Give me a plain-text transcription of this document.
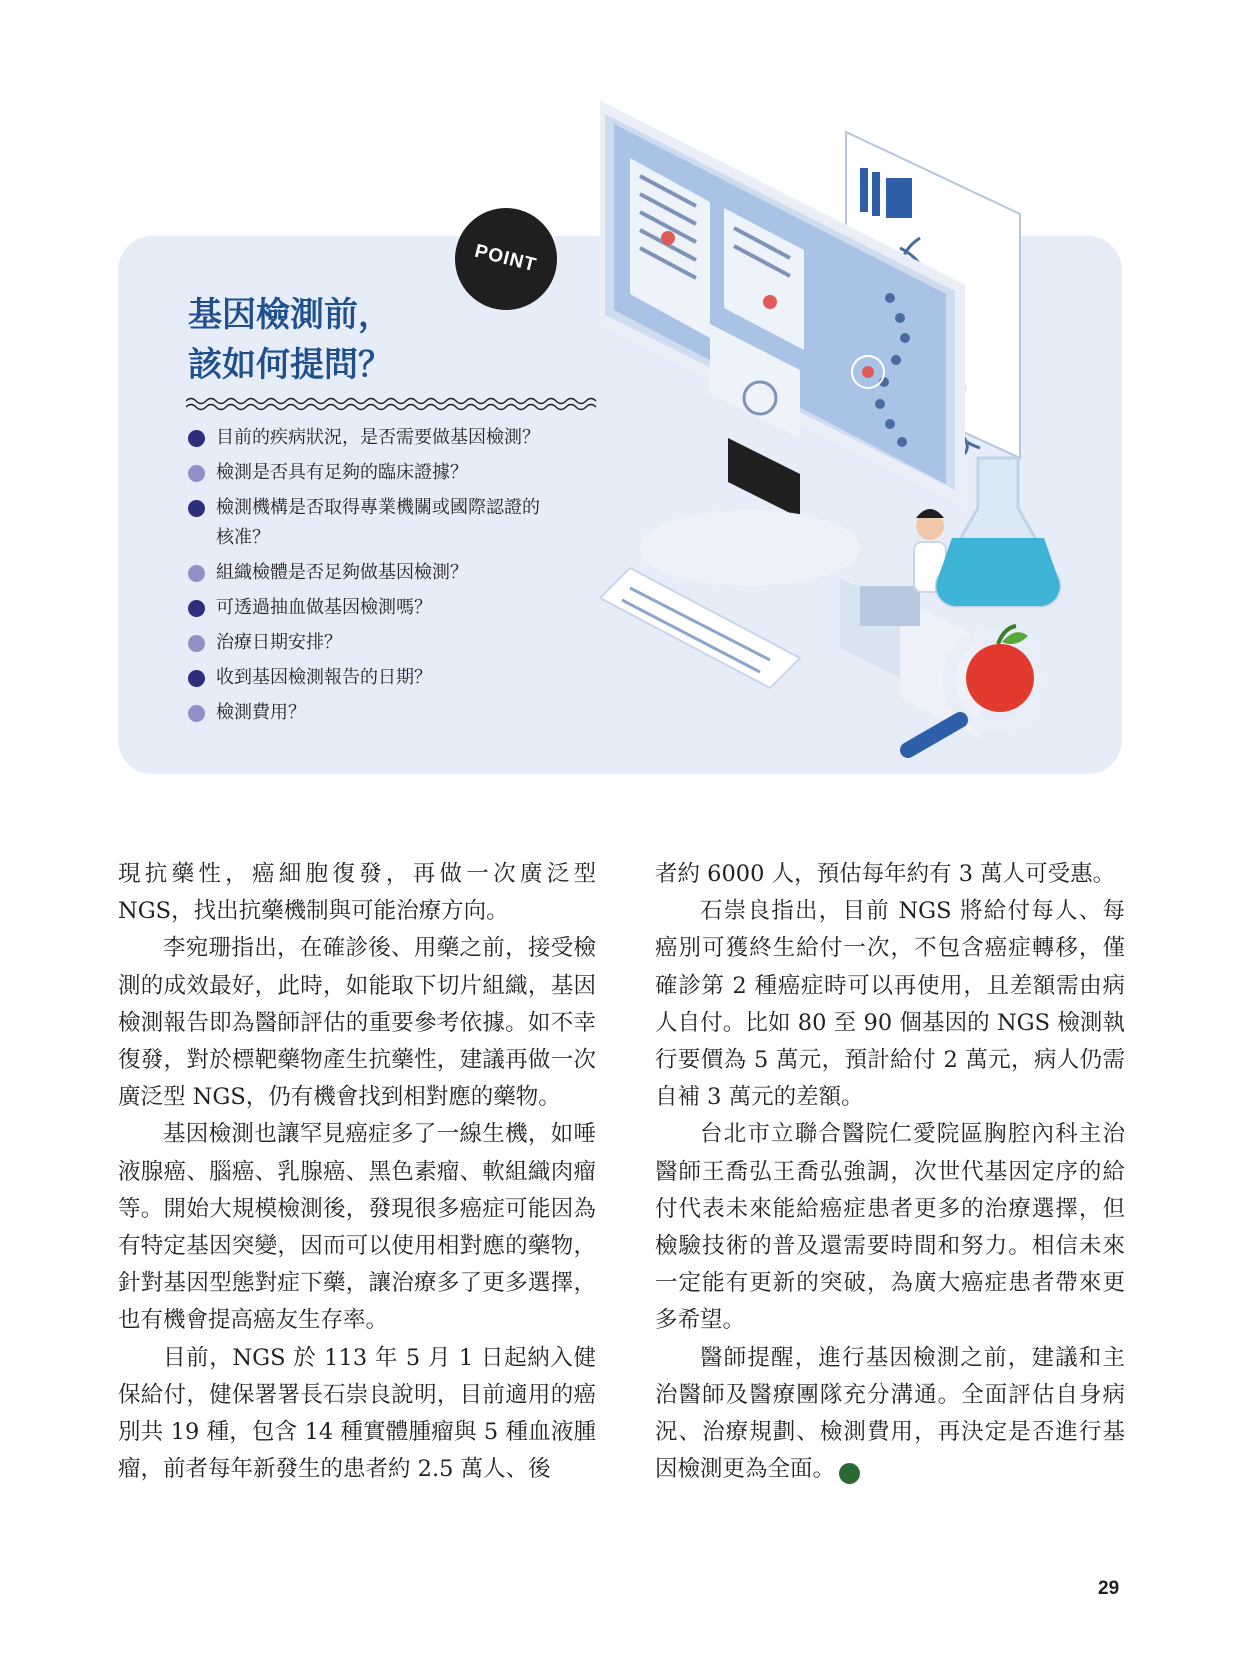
POINT
基因檢測前，
該如何提問？
目前的疾病狀況，是否需要做基因檢測？
檢測是否具有足夠的臨床證據？
檢測機構是否取得專業機關或國際認證的
核准？
組織檢體是否足夠做基因檢測？
可透過抽血做基因檢測嗎？
治療日期安排？
收到基因檢測報告的日期？
檢測費用？

現抗藥性，癌細胞復發，再做一次廣泛型NGS，找出抗藥機制與可能治療方向。

李宛珊指出，在確診後、用藥之前，接受檢測的成效最好，此時，如能取下切片組織，基因檢測報告即為醫師評估的重要參考依據。如不幸復發，對於標靶藥物產生抗藥性，建議再做一次廣泛型 NGS，仍有機會找到相對應的藥物。

基因檢測也讓罕見癌症多了一線生機，如唾液腺癌、腦癌、乳腺癌、黑色素瘤、軟組織肉瘤等。開始大規模檢測後，發現很多癌症可能因為有特定基因突變，因而可以使用相對應的藥物，針對基因型態對症下藥，讓治療多了更多選擇，也有機會提高癌友生存率。

目前，NGS 於 113 年 5 月 1 日起納入健保給付，健保署署長石崇良說明，目前適用的癌別共 19 種，包含 14 種實體腫瘤與 5 種血液腫瘤，前者每年新發生的患者約 2.5 萬人、後

者約 6000 人，預估每年約有 3 萬人可受惠。

石崇良指出，目前 NGS 將給付每人、每癌別可獲終生給付一次，不包含癌症轉移，僅確診第 2 種癌症時可以再使用，且差額需由病人自付。比如 80 至 90 個基因的 NGS 檢測執行要價為 5 萬元，預計給付 2 萬元，病人仍需自補 3 萬元的差額。

台北市立聯合醫院仁愛院區胸腔內科主治醫師王喬弘王喬弘強調，次世代基因定序的給付代表未來能給癌症患者更多的治療選擇，但檢驗技術的普及還需要時間和努力。相信未來一定能有更新的突破，為廣大癌症患者帶來更多希望。

醫師提醒，進行基因檢測之前，建議和主治醫師及醫療團隊充分溝通。全面評估自身病況、治療規劃、檢測費用，再決定是否進行基因檢測更為全面。 H

29
